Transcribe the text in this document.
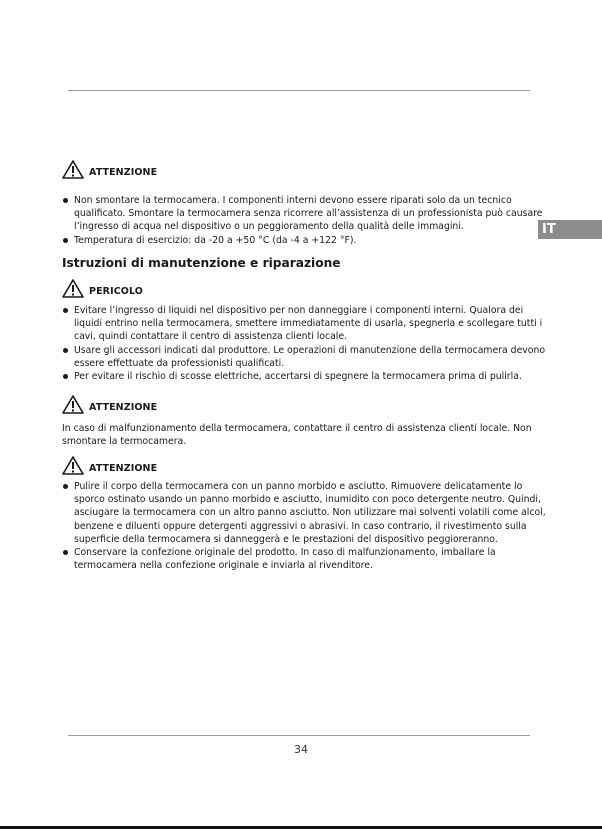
IT
ATTENZIONE
Non smontare la termocamera. I componenti interni devono essere riparati solo da un tecnico qualificato. Smontare la termocamera senza ricorrere all’assistenza di un professionista può causare l’ingresso di acqua nel dispositivo o un peggioramento della qualità delle immagini.
Temperatura di esercizio: da -20 a +50 °C (da -4 a +122 °F).
Istruzioni di manutenzione e riparazione
PERICOLO
Evitare l’ingresso di liquidi nel dispositivo per non danneggiare i componenti interni. Qualora dei liquidi entrino nella termocamera, smettere immediatamente di usarla, spegnerla e scollegare tutti i cavi, quindi contattare il centro di assistenza clienti locale.
Usare gli accessori indicati dal produttore. Le operazioni di manutenzione della termocamera devono essere effettuate da professionisti qualificati.
Per evitare il rischio di scosse elettriche, accertarsi di spegnere la termocamera prima di pulirla.
ATTENZIONE

In caso di malfunzionamento della termocamera, contattare il centro di assistenza clienti locale. Non smontare la termocamera.

ATTENZIONE
Pulire il corpo della termocamera con un panno morbido e asciutto. Rimuovere delicatamente lo sporco ostinato usando un panno morbido e asciutto, inumidito con poco detergente neutro. Quindi, asciugare la termocamera con un altro panno asciutto. Non utilizzare mai solventi volatili come alcol, benzene e diluenti oppure detergenti aggressivi o abrasivi. In caso contrario, il rivestimento sulla superficie della termocamera si danneggerà e le prestazioni del dispositivo peggioreranno.
Conservare la confezione originale del prodotto. In caso di malfunzionamento, imballare la termocamera nella confezione originale e inviarla al rivenditore.
34
